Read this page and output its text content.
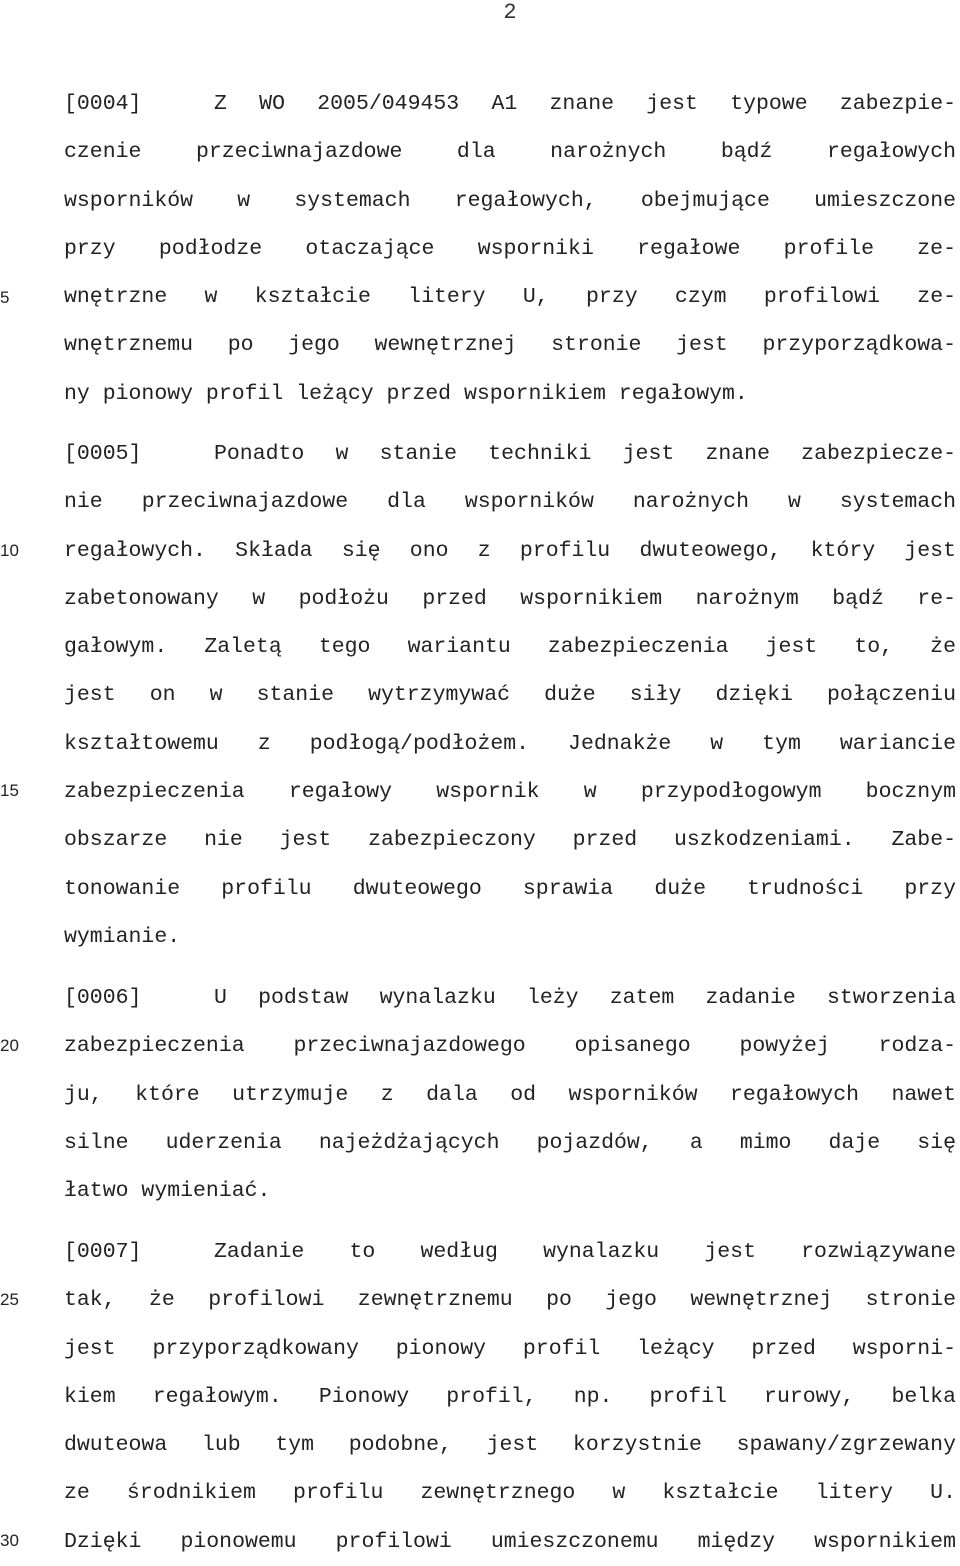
2
5
10
15
20
25
30
[0004]	Z WO 2005/049453 A1 znane jest typowe zabezpie-
czenie przeciwnajazdowe dla narożnych bądź regałowych
wsporników w systemach regałowych, obejmujące umieszczone
przy podłodze otaczające wsporniki regałowe profile ze-
wnętrzne w kształcie litery U, przy czym profilowi ze-
wnętrznemu po jego wewnętrznej stronie jest przyporządkowa-
ny pionowy profil leżący przed wspornikiem regałowym.
[0005]	Ponadto w stanie techniki jest znane zabezpiecze-
nie przeciwnajazdowe dla wsporników narożnych w systemach
regałowych. Składa się ono z profilu dwuteowego, który jest
zabetonowany w podłożu przed wspornikiem narożnym bądź re-
gałowym. Zaletą tego wariantu zabezpieczenia jest to, że
jest on w stanie wytrzymywać duże siły dzięki połączeniu
kształtowemu z podłogą/podłożem. Jednakże w tym wariancie
zabezpieczenia regałowy wspornik w przypodłogowym bocznym
obszarze nie jest zabezpieczony przed uszkodzeniami. Zabe-
tonowanie profilu dwuteowego sprawia duże trudności przy
wymianie.
[0006]	U podstaw wynalazku leży zatem zadanie stworzenia
zabezpieczenia przeciwnajazdowego opisanego powyżej rodza-
ju, które utrzymuje z dala od wsporników regałowych nawet
silne uderzenia najeżdżających pojazdów, a mimo daje się
łatwo wymieniać.
[0007]	Zadanie to według wynalazku jest rozwiązywane
tak, że profilowi zewnętrznemu po jego wewnętrznej stronie
jest przyporządkowany pionowy profil leżący przed wsporni-
kiem regałowym. Pionowy profil, np. profil rurowy, belka
dwuteowa lub tym podobne, jest korzystnie spawany/zgrzewany
ze środnikiem profilu zewnętrznego w kształcie litery U.
Dzięki pionowemu profilowi umieszczonemu między wspornikiem
